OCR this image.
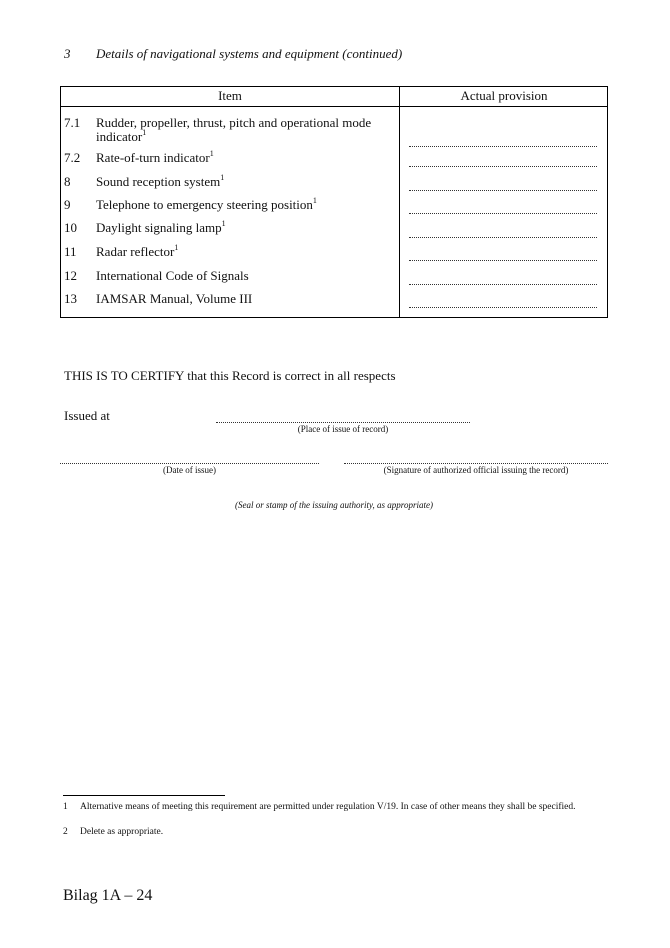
3 Details of navigational systems and equipment (continued)
Item	Actual provision
7.1 Rudder, propeller, thrust, pitch and operational mode indicator$^1$
7.2 Rate-of-turn indicator$^1$
8 Sound reception system$^1$
9 Telephone to emergency steering position$^1$
10 Daylight signaling lamp$^1$
11 Radar reflector$^1$
12 International Code of Signals
13 IAMSAR Manual, Volume III
THIS IS TO CERTIFY that this Record is correct in all respects
Issued at
(Place of issue of record)
(Date of issue)	(Signature of authorized official issuing the record)
(Seal or stamp of the issuing authority, as appropriate)
1 Alternative means of meeting this requirement are permitted under regulation V/19. In case of other means they shall be specified.
2 Delete as appropriate.
Bilag 1A – 24
